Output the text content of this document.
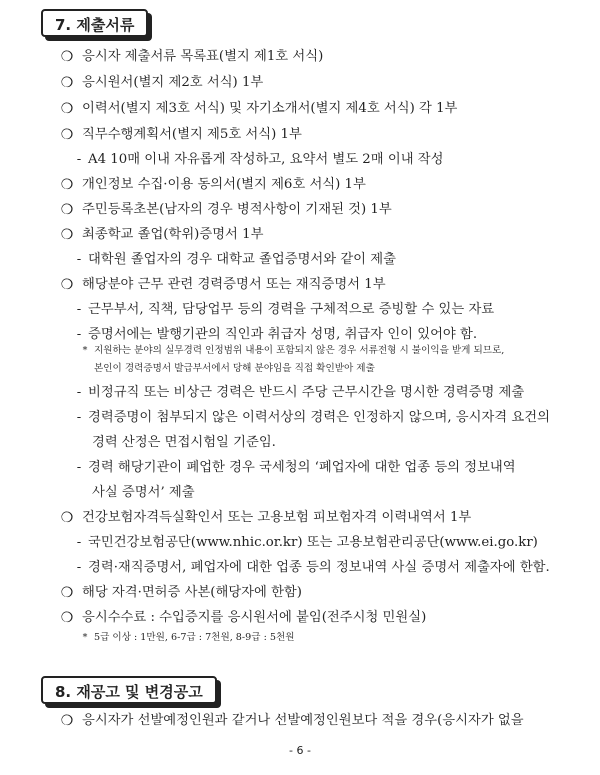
7. 제출서류
❍ 응시자 제출서류 목록표(별지 제1호 서식)
❍ 응시원서(별지 제2호 서식) 1부
❍ 이력서(별지 제3호 서식) 및 자기소개서(별지 제4호 서식) 각 1부
❍ 직무수행계획서(별지 제5호 서식) 1부
- A4 10매 이내 자유롭게 작성하고, 요약서 별도 2매 이내 작성
❍ 개인정보 수집·이용 동의서(별지 제6호 서식) 1부
❍ 주민등록초본(남자의 경우 병적사항이 기재된 것) 1부
❍ 최종학교 졸업(학위)증명서 1부
- 대학원 졸업자의 경우 대학교 졸업증명서와 같이 제출
❍ 해당분야 근무 관련 경력증명서 또는 재직증명서 1부
- 근무부서, 직책, 담당업무 등의 경력을 구체적으로 증빙할 수 있는 자료
- 증명서에는 발행기관의 직인과 취급자 성명, 취급자 인이 있어야 함.
* 지원하는 분야의 실무경력 인정범위 내용이 포함되지 않은 경우 서류전형 시 불이익을 받게 되므로,
본인이 경력증명서 발급부서에서 당해 분야임을 직접 확인받아 제출
- 비정규직 또는 비상근 경력은 반드시 주당 근무시간을 명시한 경력증명 제출
- 경력증명이 첨부되지 않은 이력서상의 경력은 인정하지 않으며, 응시자격 요건의
경력 산정은 면접시험일 기준임.
- 경력 해당기관이 폐업한 경우 국세청의 ‘폐업자에 대한 업종 등의 정보내역
사실 증명서’ 제출
❍ 건강보험자격득실확인서 또는 고용보험 피보험자격 이력내역서 1부
- 국민건강보험공단(www.nhic.or.kr) 또는 고용보험관리공단(www.ei.go.kr)
- 경력·재직증명서, 폐업자에 대한 업종 등의 정보내역 사실 증명서 제출자에 한함.
❍ 해당 자격·면허증 사본(해당자에 한함)
❍ 응시수수료 : 수입증지를 응시원서에 붙임(전주시청 민원실)
* 5급 이상 : 1만원, 6-7급 : 7천원, 8-9급 : 5천원
8. 재공고 및 변경공고
❍ 응시자가 선발예정인원과 같거나 선발예정인원보다 적을 경우(응시자가 없을
- 6 -
